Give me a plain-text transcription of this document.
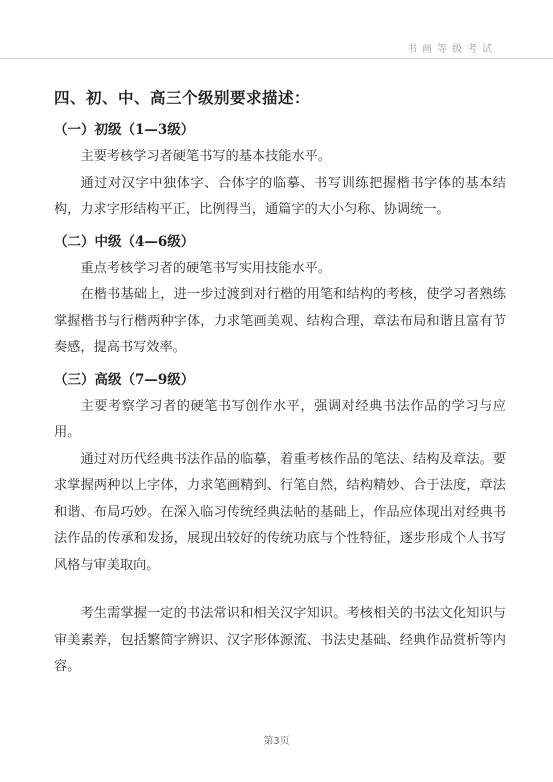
书画等级考试
四、初、中、高三个级别要求描述：
（一）初级（1—3级）

主要考核学习者硬笔书写的基本技能水平。

通过对汉字中独体字、合体字的临摹、书写训练把握楷书字体的基本结构，力求字形结构平正，比例得当，通篇字的大小匀称、协调统一。

（二）中级（4—6级）

重点考核学习者的硬笔书写实用技能水平。

在楷书基础上，进一步过渡到对行楷的用笔和结构的考核，使学习者熟练掌握楷书与行楷两种字体，力求笔画美观、结构合理，章法布局和谐且富有节奏感，提高书写效率。

（三）高级（7—9级）

主要考察学习者的硬笔书写创作水平，强调对经典书法作品的学习与应用。

通过对历代经典书法作品的临摹，着重考核作品的笔法、结构及章法。要求掌握两种以上字体，力求笔画精到、行笔自然，结构精妙、合于法度，章法和谐、布局巧妙。在深入临习传统经典法帖的基础上，作品应体现出对经典书法作品的传承和发扬，展现出较好的传统功底与个性特征，逐步形成个人书写风格与审美取向。

考生需掌握一定的书法常识和相关汉字知识。考核相关的书法文化知识与审美素养，包括繁简字辨识、汉字形体源流、书法史基础、经典作品赏析等内容。

第3页
